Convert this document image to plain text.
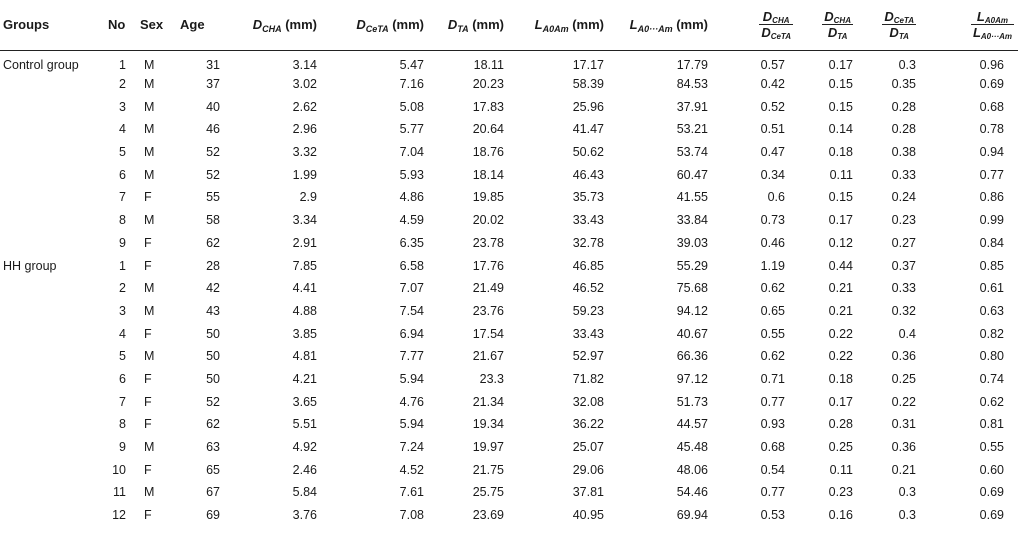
Groups	No	Sex	Age	$D_{CHA}$ (mm)	$D_{CeTA}$ (mm)	$D_{TA}$ (mm)	$L_{A0Am}$ (mm)	$L_{A0\cdot\cdot\cdot Am}$ (mm)	$\frac{D_{CHA}}{D_{CeTA}}$	$\frac{D_{CHA}}{D_{TA}}$	$\frac{D_{CeTA}}{D_{TA}}$	$\frac{L_{A0Am}}{L_{A0\cdot\cdot\cdot Am}}$

Control group	1	M	31	3.14	5.47	18.11	17.17	17.79	0.57	0.17	0.3	0.96
	2	M	37	3.02	7.16	20.23	58.39	84.53	0.42	0.15	0.35	0.69
	3	M	40	2.62	5.08	17.83	25.96	37.91	0.52	0.15	0.28	0.68
	4	M	46	2.96	5.77	20.64	41.47	53.21	0.51	0.14	0.28	0.78
	5	M	52	3.32	7.04	18.76	50.62	53.74	0.47	0.18	0.38	0.94
	6	M	52	1.99	5.93	18.14	46.43	60.47	0.34	0.11	0.33	0.77
	7	F	55	2.9	4.86	19.85	35.73	41.55	0.6	0.15	0.24	0.86
	8	M	58	3.34	4.59	20.02	33.43	33.84	0.73	0.17	0.23	0.99
	9	F	62	2.91	6.35	23.78	32.78	39.03	0.46	0.12	0.27	0.84
HH group	1	F	28	7.85	6.58	17.76	46.85	55.29	1.19	0.44	0.37	0.85
	2	M	42	4.41	7.07	21.49	46.52	75.68	0.62	0.21	0.33	0.61
	3	M	43	4.88	7.54	23.76	59.23	94.12	0.65	0.21	0.32	0.63
	4	F	50	3.85	6.94	17.54	33.43	40.67	0.55	0.22	0.4	0.82
	5	M	50	4.81	7.77	21.67	52.97	66.36	0.62	0.22	0.36	0.80
	6	F	50	4.21	5.94	23.3	71.82	97.12	0.71	0.18	0.25	0.74
	7	F	52	3.65	4.76	21.34	32.08	51.73	0.77	0.17	0.22	0.62
	8	F	62	5.51	5.94	19.34	36.22	44.57	0.93	0.28	0.31	0.81
	9	M	63	4.92	7.24	19.97	25.07	45.48	0.68	0.25	0.36	0.55
	10	F	65	2.46	4.52	21.75	29.06	48.06	0.54	0.11	0.21	0.60
	11	M	67	5.84	7.61	25.75	37.81	54.46	0.77	0.23	0.3	0.69
	12	F	69	3.76	7.08	23.69	40.95	69.94	0.53	0.16	0.3	0.69
